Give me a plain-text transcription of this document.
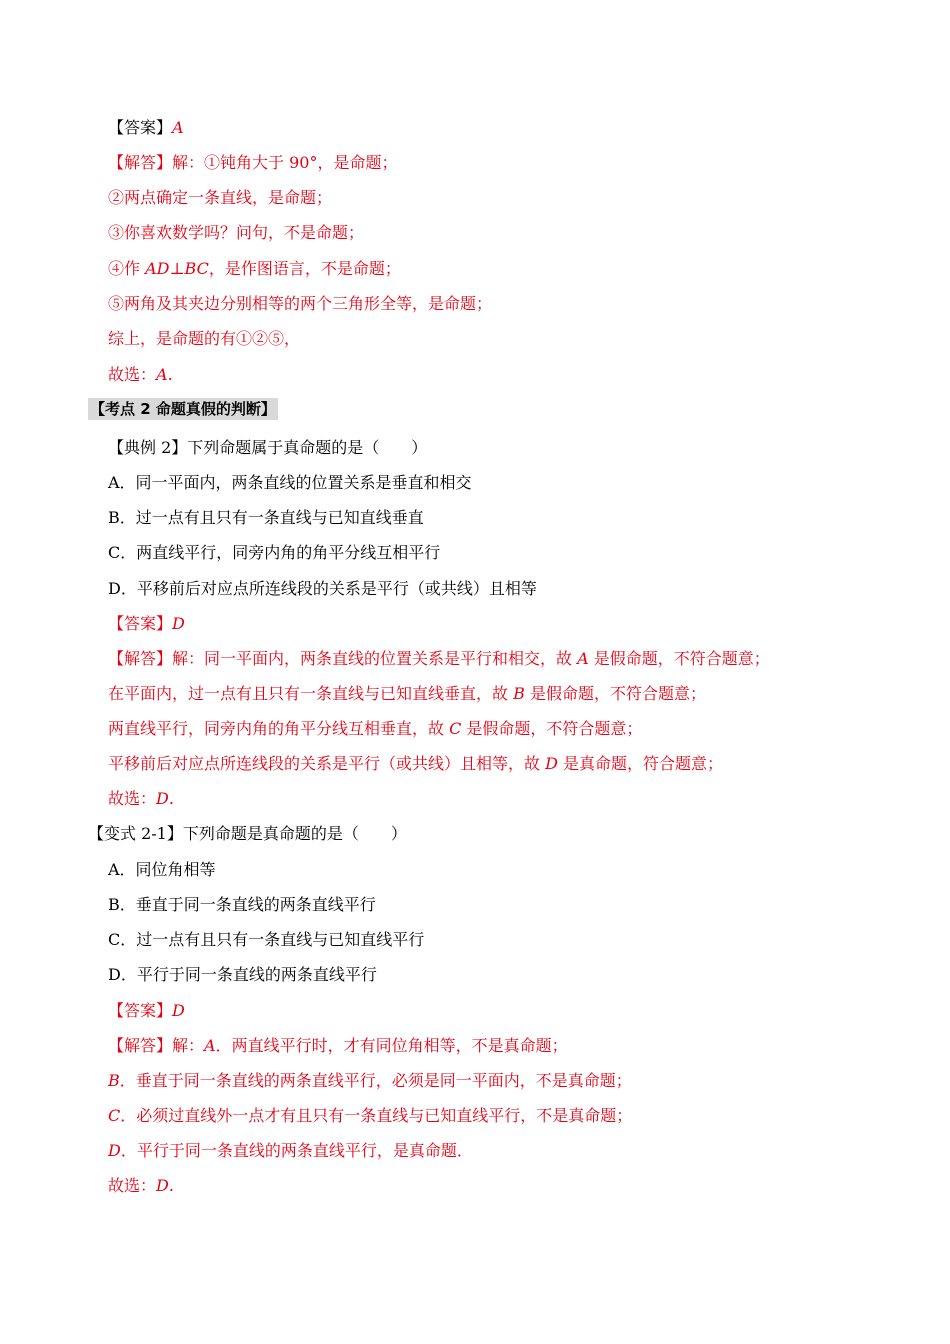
【答案】A
【解答】解：①钝角大于 90°，是命题；
②两点确定一条直线，是命题；
③你喜欢数学吗？问句，不是命题；
④作 AD⊥BC，是作图语言，不是命题；
⑤两角及其夹边分别相等的两个三角形全等，是命题；
综上，是命题的有①②⑤，
故选：A.
【考点 2 命题真假的判断】
【典例 2】下列命题属于真命题的是（　　）
A．同一平面内，两条直线的位置关系是垂直和相交
B．过一点有且只有一条直线与已知直线垂直
C．两直线平行，同旁内角的角平分线互相平行
D．平移前后对应点所连线段的关系是平行（或共线）且相等
【答案】D
【解答】解：同一平面内，两条直线的位置关系是平行和相交，故 A 是假命题，不符合题意；
在平面内，过一点有且只有一条直线与已知直线垂直，故 B 是假命题，不符合题意；
两直线平行，同旁内角的角平分线互相垂直，故 C 是假命题，不符合题意；
平移前后对应点所连线段的关系是平行（或共线）且相等，故 D 是真命题，符合题意；
故选：D.
【变式 2-1】下列命题是真命题的是（　　）
A．同位角相等
B．垂直于同一条直线的两条直线平行
C．过一点有且只有一条直线与已知直线平行
D．平行于同一条直线的两条直线平行
【答案】D
【解答】解：A．两直线平行时，才有同位角相等，不是真命题；
B．垂直于同一条直线的两条直线平行，必须是同一平面内，不是真命题；
C．必须过直线外一点才有且只有一条直线与已知直线平行，不是真命题；
D．平行于同一条直线的两条直线平行，是真命题．
故选：D.
